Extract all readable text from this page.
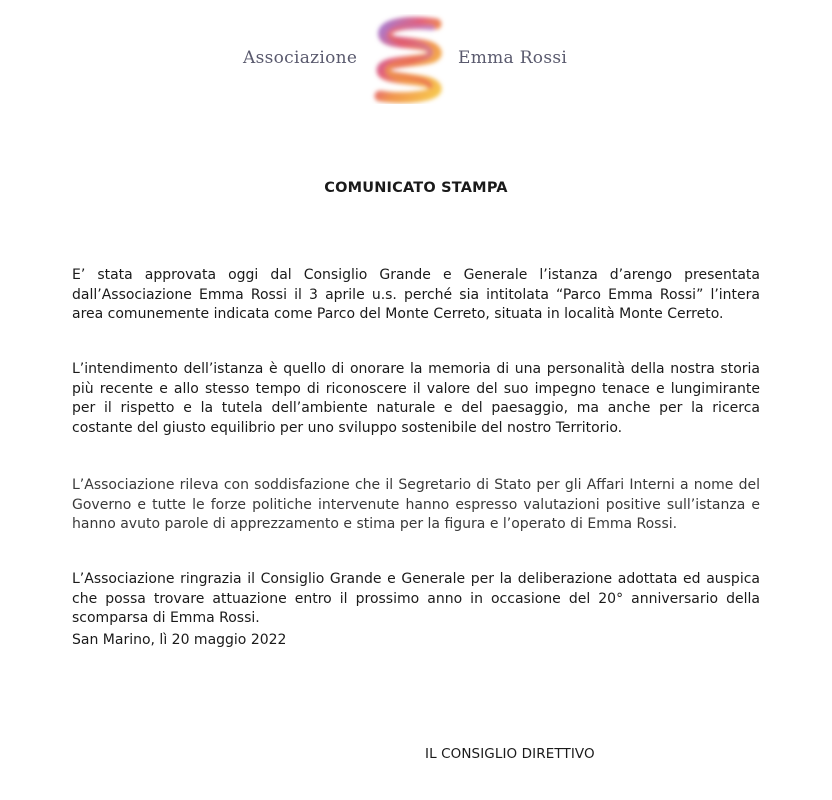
Associazione	Emma Rossi
COMUNICATO STAMPA

E’ stata approvata oggi dal Consiglio Grande e Generale l’istanza d’arengo presentata dall’Associazione Emma Rossi il 3 aprile u.s. perché sia intitolata “Parco Emma Rossi” l’intera area comunemente indicata come Parco del Monte Cerreto, situata in località Monte Cerreto.

L’intendimento dell’istanza è quello di onorare la memoria di una personalità della nostra storia più recente e allo stesso tempo di riconoscere il valore del suo impegno tenace e lungimirante per il rispetto e la tutela dell’ambiente naturale e del paesaggio, ma anche per la ricerca costante del giusto equilibrio per uno sviluppo sostenibile del nostro Territorio.

L’Associazione rileva con soddisfazione che il Segretario di Stato per gli Affari Interni a nome del Governo e tutte le forze politiche intervenute hanno espresso valutazioni positive sull’istanza e hanno avuto parole di apprezzamento e stima per la figura e l’operato di Emma Rossi.

L’Associazione ringrazia il Consiglio Grande e Generale per la deliberazione adottata ed auspica che possa trovare attuazione entro il prossimo anno in occasione del 20° anniversario della scomparsa di Emma Rossi.

San Marino, lì 20 maggio 2022
IL CONSIGLIO DIRETTIVO
